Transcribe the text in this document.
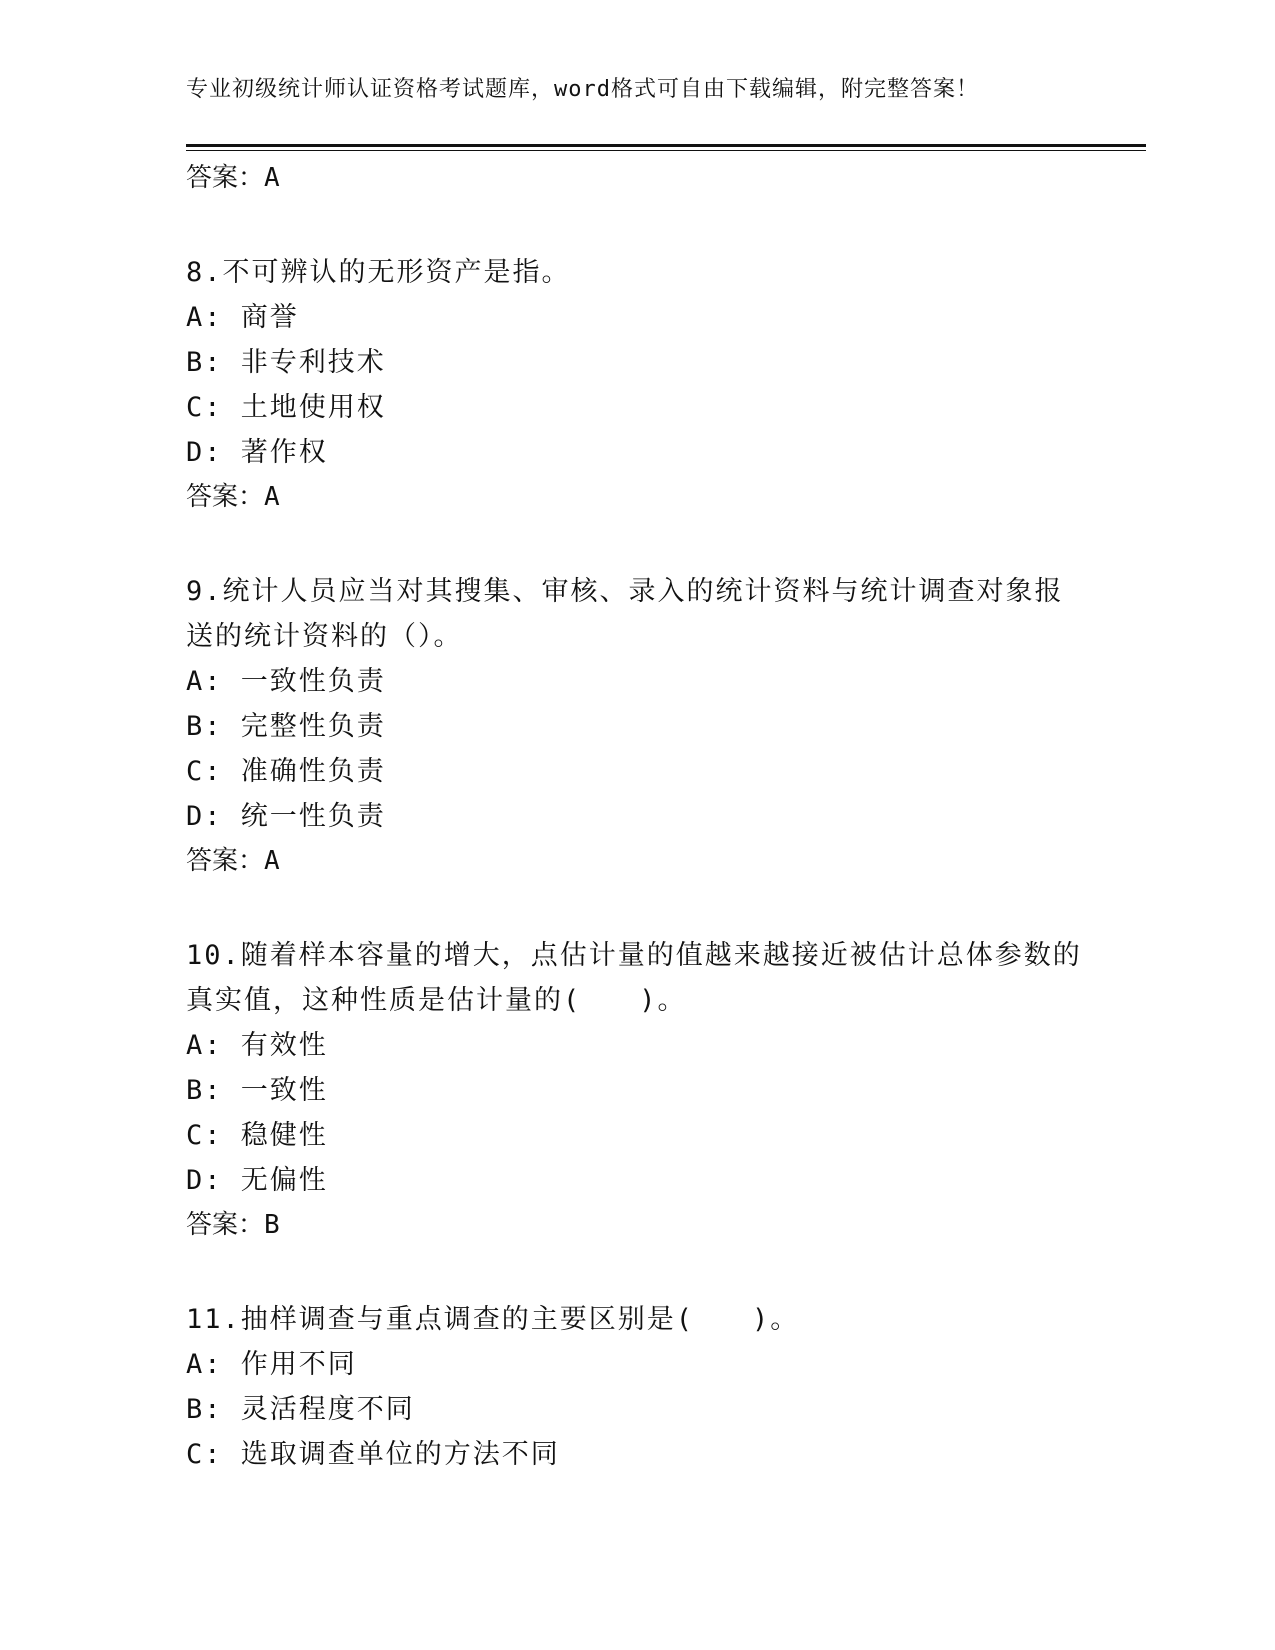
专业初级统计师认证资格考试题库，word格式可自由下载编辑，附完整答案！
答案：A
8.不可辨认的无形资产是指。
A: 商誉
B: 非专利技术
C: 土地使用权
D: 著作权
答案：A
9.统计人员应当对其搜集、审核、录入的统计资料与统计调查对象报送的统计资料的（）。
A: 一致性负责
B: 完整性负责
C: 准确性负责
D: 统一性负责
答案：A
10.随着样本容量的增大，点估计量的值越来越接近被估计总体参数的真实值，这种性质是估计量的(　　)。
A: 有效性
B: 一致性
C: 稳健性
D: 无偏性
答案：B
11.抽样调查与重点调查的主要区别是(　　)。
A: 作用不同
B: 灵活程度不同
C: 选取调查单位的方法不同
